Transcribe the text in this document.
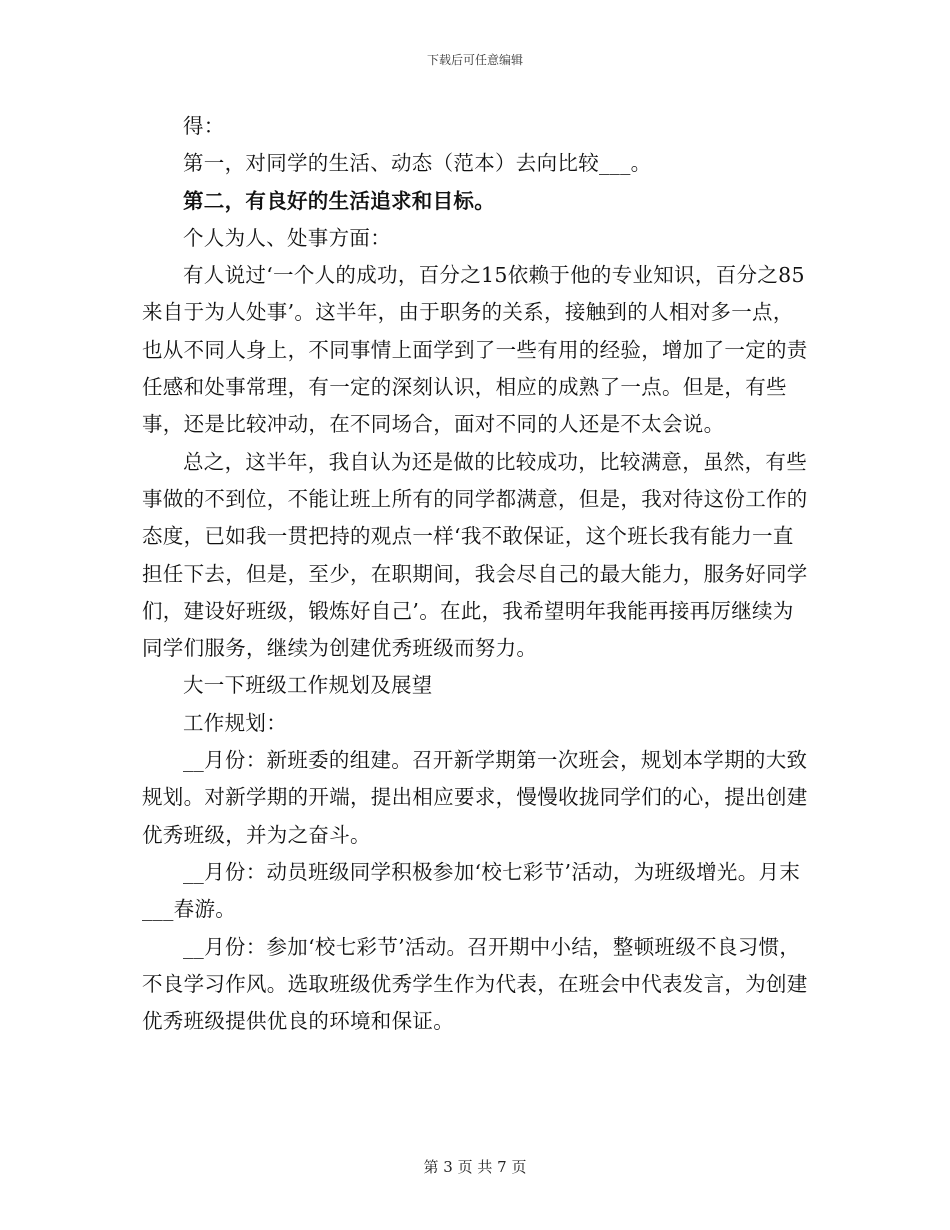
下载后可任意编辑

得：

第一，对同学的生活、动态（范本）去向比较___。

第二，有良好的生活追求和目标。

个人为人、处事方面：

有人说过‘一个人的成功，百分之15依赖于他的专业知识，百分之85来自于为人处事’。这半年，由于职务的关系，接触到的人相对多一点，也从不同人身上，不同事情上面学到了一些有用的经验，增加了一定的责任感和处事常理，有一定的深刻认识，相应的成熟了一点。但是，有些事，还是比较冲动，在不同场合，面对不同的人还是不太会说。

总之，这半年，我自认为还是做的比较成功，比较满意，虽然，有些事做的不到位，不能让班上所有的同学都满意，但是，我对待这份工作的态度，已如我一贯把持的观点一样‘我不敢保证，这个班长我有能力一直担任下去，但是，至少，在职期间，我会尽自己的最大能力，服务好同学们，建设好班级，锻炼好自己’。在此，我希望明年我能再接再厉继续为同学们服务，继续为创建优秀班级而努力。

大一下班级工作规划及展望

工作规划：

__月份：新班委的组建。召开新学期第一次班会，规划本学期的大致规划。对新学期的开端，提出相应要求，慢慢收拢同学们的心，提出创建优秀班级，并为之奋斗。

__月份：动员班级同学积极参加‘校七彩节’活动，为班级增光。月末___春游。

__月份：参加‘校七彩节’活动。召开期中小结，整顿班级不良习惯，不良学习作风。选取班级优秀学生作为代表，在班会中代表发言，为创建优秀班级提供优良的环境和保证。

第 3 页 共 7 页
